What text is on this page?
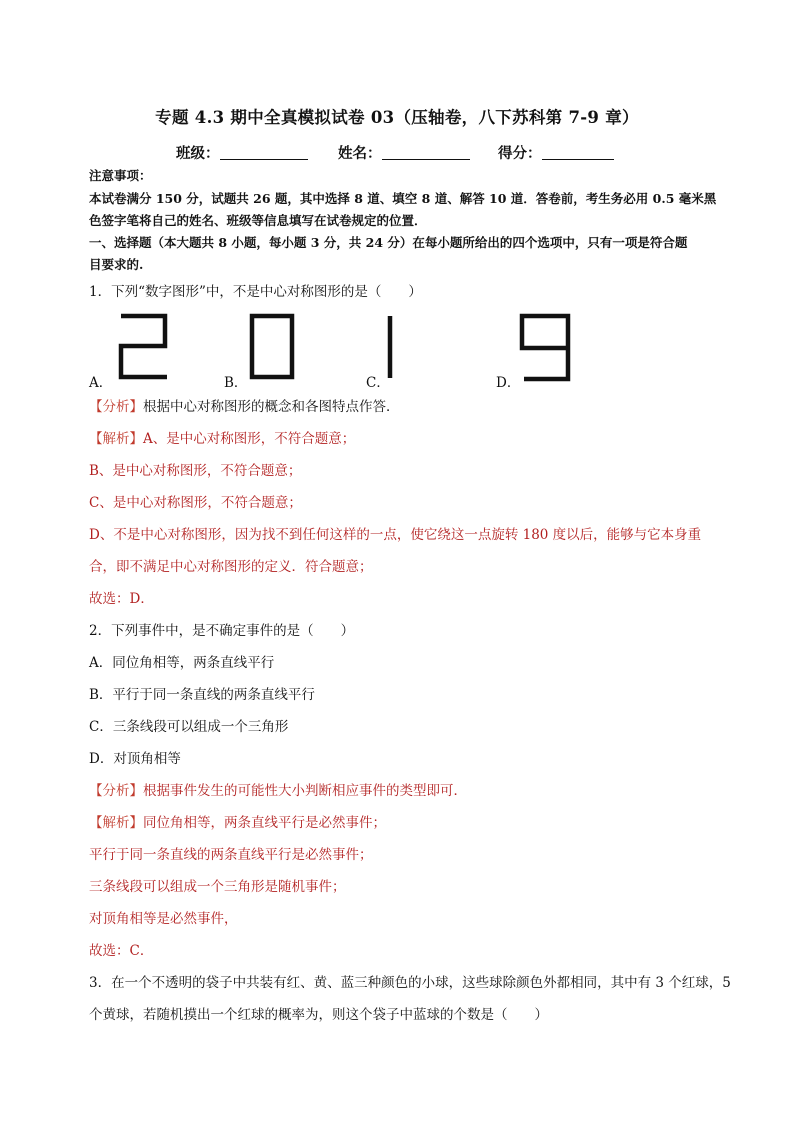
专题 4.3 期中全真模拟试卷 03（压轴卷，八下苏科第 7-9 章）
班级：	姓名：	得分：
注意事项：
本试卷满分 150 分，试题共 26 题，其中选择 8 道、填空 8 道、解答 10 道．答卷前，考生务必用 0.5 毫米黑
色签字笔将自己的姓名、班级等信息填写在试卷规定的位置．
一、选择题（本大题共 8 小题，每小题 3 分，共 24 分）在每小题所给出的四个选项中，只有一项是符合题
目要求的.
1．下列“数字图形”中，不是中心对称图形的是（　　）
A．	B．	C．	D．
【分析】根据中心对称图形的概念和各图特点作答．
【解析】A、是中心对称图形，不符合题意；
B、是中心对称图形，不符合题意；
C、是中心对称图形，不符合题意；
D、不是中心对称图形，因为找不到任何这样的一点，使它绕这一点旋转 180 度以后，能够与它本身重
合，即不满足中心对称图形的定义．符合题意；
故选：D．
2．下列事件中，是不确定事件的是（　　）
A．同位角相等，两条直线平行
B．平行于同一条直线的两条直线平行
C．三条线段可以组成一个三角形
D．对顶角相等
【分析】根据事件发生的可能性大小判断相应事件的类型即可．
【解析】同位角相等，两条直线平行是必然事件；
平行于同一条直线的两条直线平行是必然事件；
三条线段可以组成一个三角形是随机事件；
对顶角相等是必然事件，
故选：C．
3．在一个不透明的袋子中共装有红、黄、蓝三种颜色的小球，这些球除颜色外都相同，其中有 3 个红球，5
个黄球，若随机摸出一个红球的概率为，则这个袋子中蓝球的个数是（　　）
